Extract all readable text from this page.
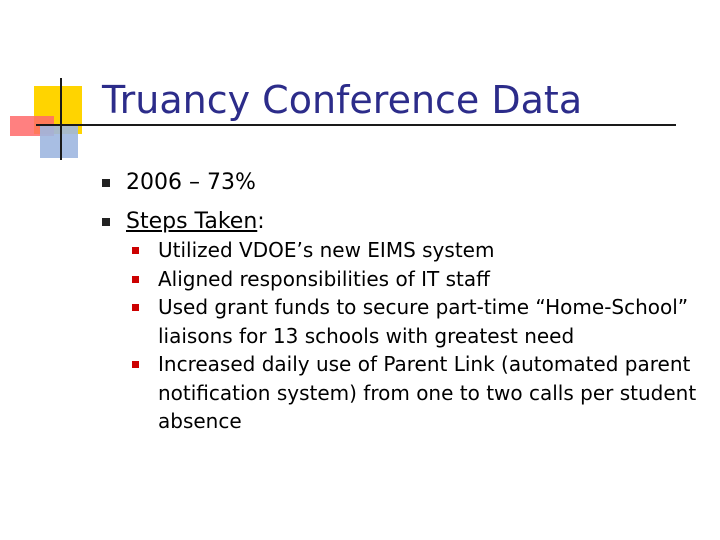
Truancy Conference Data
2006 – 73%
Steps Taken:
Utilized VDOE’s new EIMS system
Aligned responsibilities of IT staff
Used grant funds to secure part-time “Home-School” liaisons for 13 schools with greatest need
Increased daily use of Parent Link (automated parent notification system) from one to two calls per student absence
